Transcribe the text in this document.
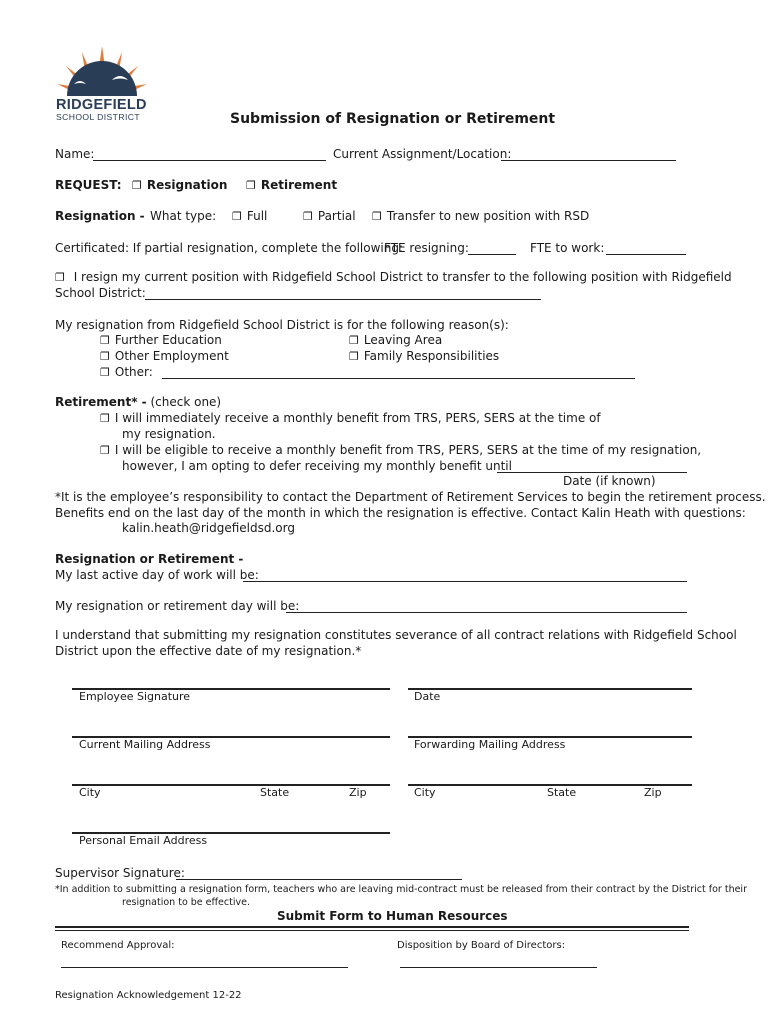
RIDGEFIELD
SCHOOL DISTRICT	Submission of Resignation or Retirement
Name:	Current Assignment/Location:
REQUEST: ❐ Resignation ❐ Retirement
Resignation - What type: ❐ Full	❐ Partial ❐ Transfer to new position with RSD
Certificated: If partial resignation, complete the following:
FTE resigning:	FTE to work:
❐ I resign my current position with Ridgefield School District to transfer to the following position with Ridgefield
School District:
My resignation from Ridgefield School District is for the following reason(s):
❐ Further Education	❐ Leaving Area
❐ Other Employment	❐ Family Responsibilities
❐ Other:
Retirement* - (check one)
❐ I will immediately receive a monthly benefit from TRS, PERS, SERS at the time of
my resignation.
❐ I will be eligible to receive a monthly benefit from TRS, PERS, SERS at the time of my resignation,
however, I am opting to defer receiving my monthly benefit until
Date (if known)
*It is the employee’s responsibility to contact the Department of Retirement Services to begin the retirement process.
Benefits end on the last day of the month in which the resignation is effective. Contact Kalin Heath with questions:
kalin.heath@ridgefieldsd.org
Resignation or Retirement -
My last active day of work will be:
My resignation or retirement day will be:
I understand that submitting my resignation constitutes severance of all contract relations with Ridgefield School
District upon the effective date of my resignation.*
Employee Signature	Date
Current Mailing Address	Forwarding Mailing Address
City	State	Zip	City	State	Zip
Personal Email Address
Supervisor Signature:
*In addition to submitting a resignation form, teachers who are leaving mid-contract must be released from their contract by the District for their
resignation to be effective.
Submit Form to Human Resources
Recommend Approval:	Disposition by Board of Directors:
Resignation Acknowledgement 12-22
